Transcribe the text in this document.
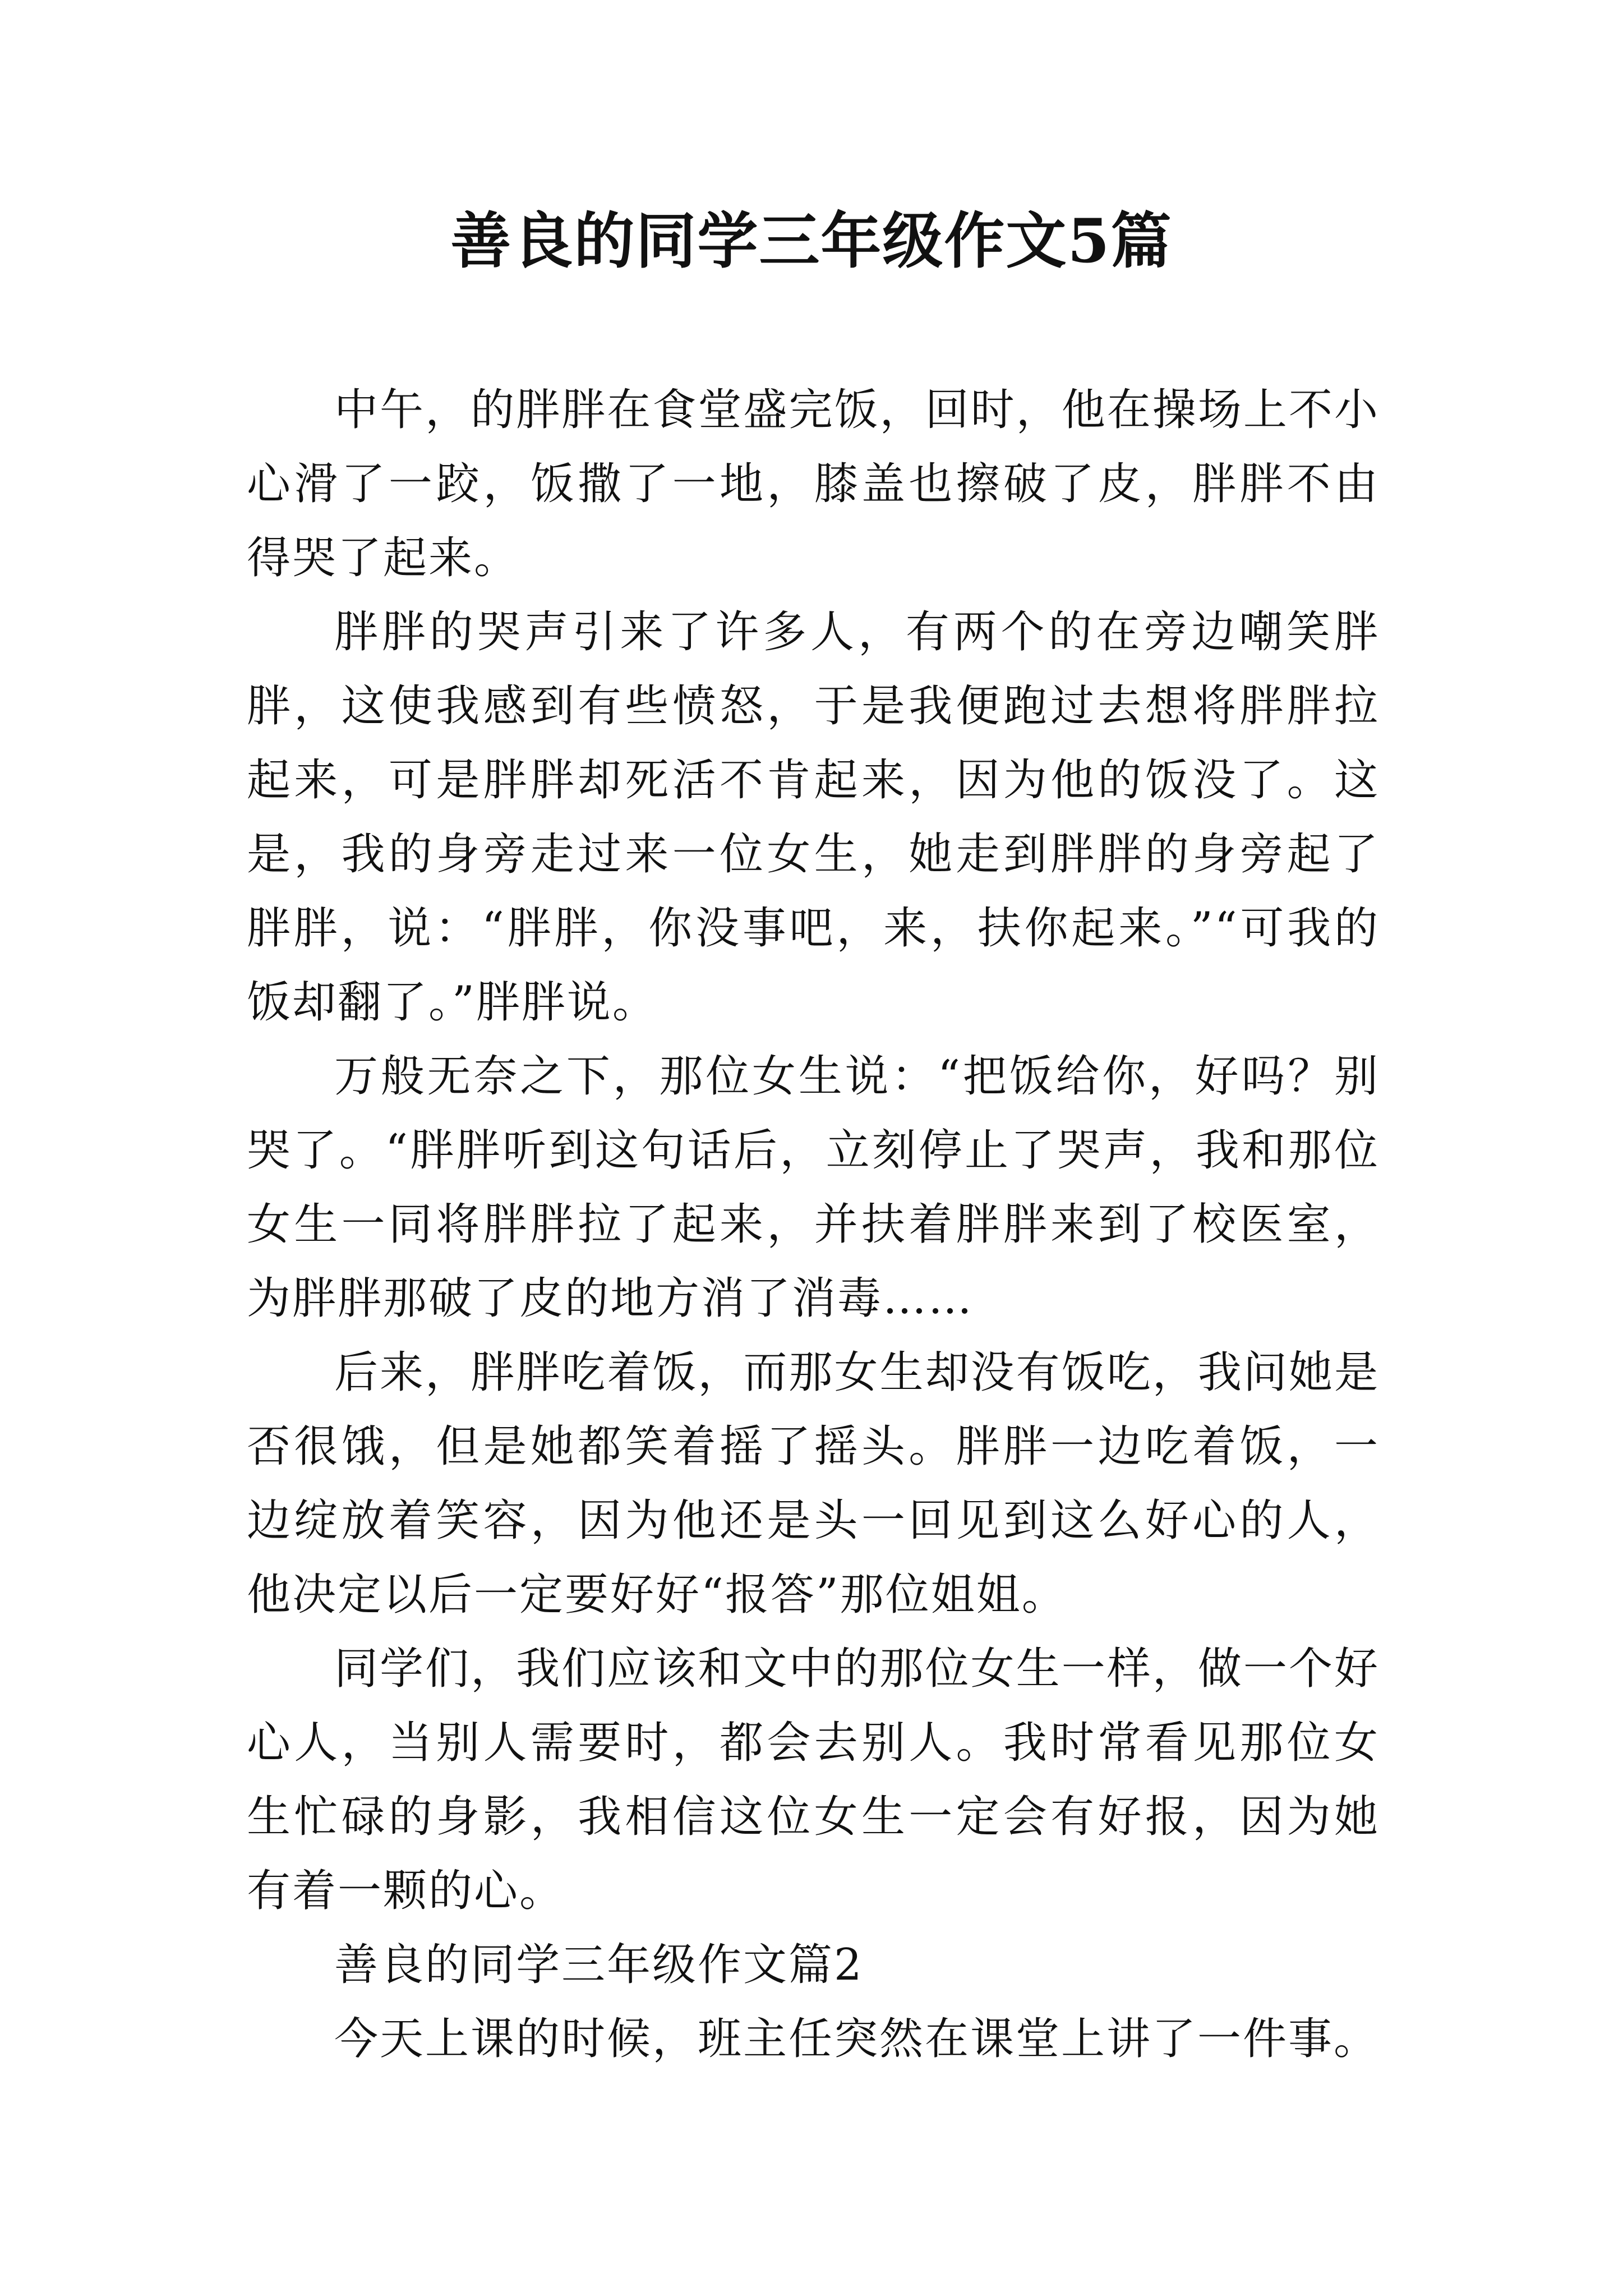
善良的同学三年级作文5篇

中午，的胖胖在食堂盛完饭，回时，他在操场上不小心滑了一跤，饭撒了一地，膝盖也擦破了皮，胖胖不由得哭了起来。

胖胖的哭声引来了许多人，有两个的在旁边嘲笑胖胖，这使我感到有些愤怒，于是我便跑过去想将胖胖拉起来，可是胖胖却死活不肯起来，因为他的饭没了。这是，我的身旁走过来一位女生，她走到胖胖的身旁起了胖胖，说：“胖胖，你没事吧，来，扶你起来。”“可我的饭却翻了。”胖胖说。

万般无奈之下，那位女生说：“把饭给你，好吗？别哭了。“胖胖听到这句话后，立刻停止了哭声，我和那位女生一同将胖胖拉了起来，并扶着胖胖来到了校医室，为胖胖那破了皮的地方消了消毒……

后来，胖胖吃着饭，而那女生却没有饭吃，我问她是否很饿，但是她都笑着摇了摇头。胖胖一边吃着饭，一边绽放着笑容，因为他还是头一回见到这么好心的人，他决定以后一定要好好“报答”那位姐姐。

同学们，我们应该和文中的那位女生一样，做一个好心人，当别人需要时，都会去别人。我时常看见那位女生忙碌的身影，我相信这位女生一定会有好报，因为她有着一颗的心。

善良的同学三年级作文篇2

今天上课的时候，班主任突然在课堂上讲了一件事。
